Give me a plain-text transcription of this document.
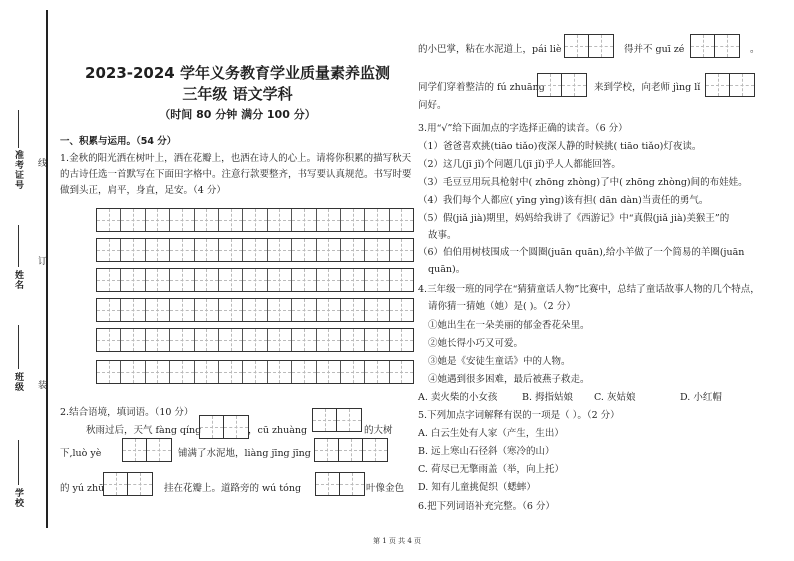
准考证号
姓名
班级
学校
线
订
装
2023-2024 学年义务教育学业质量素养监测
三年级 语文学科
（时间 80 分钟 满分 100 分）
一、积累与运用。（54 分）
1.金秋的阳光洒在树叶上，洒在花瓣上，也洒在诗人的心上。请将你积累的描写秋天
的古诗任选一首默写在下面田字格中。注意行款要整齐，书写要认真规范。书写时要
做到头正，肩平，身直，足安。（4 分）
2.结合语境，填词语。（10 分）
秋雨过后，天气 fàng qíng	，cū zhuàng	的大树
下,luò yè	铺满了水泥地，liàng jīng jīng
的 yú zhū	挂在花瓣上。道路旁的 wú tóng	叶像金色
的小巴掌，粘在水泥道上，pái liè	得并不 guī zé	。
同学们穿着整洁的 fú zhuāng	来到学校，向老师 jìng lǐ
问好。
3.用“√”给下面加点的字选择正确的读音。（6 分）
（1）爸爸喜欢挑(tiāo tiǎo)夜深人静的时候挑( tiāo tiǎo)灯夜读。
（2）这几(jī jǐ)个问题几(jī jǐ)乎人人都能回答。
（3）毛豆豆用玩具枪射中( zhōng zhòng)了中( zhōng zhòng)间的布娃娃。
（4）我们每个人都应( yīng yìng)该有担( dān dàn)当责任的勇气。
（5）假(jiǎ jià)期里，妈妈给我讲了《西游记》中“真假(jiǎ jià)美猴王”的
故事。
（6）伯伯用树枝围成一个圆圈(juān quān),给小羊做了一个简易的羊圈(juān
quān)。
4.三年级一班的同学在“猜猜童话人物”比赛中，总结了童话故事人物的几个特点，
请你猜一猜她（她）是( )。（2 分）
①她出生在一朵美丽的郁金香花朵里。
②她长得小巧又可爱。
③她是《安徒生童话》中的人物。
④她遇到很多困难，最后被燕子救走。
A. 卖火柴的小女孩	B. 拇指姑娘 C. 灰姑娘	D. 小红帽
5.下列加点字词解释有误的一项是（ ）。（2 分）
A. 白云生处有人家（产生，生出）
B. 远上寒山石径斜（寒冷的山）
C. 荷尽已无擎雨盖（举，向上托）
D. 知有儿童挑促织（蟋蟀）
6.把下列词语补充完整。（6 分）
第 1 页 共 4 页
